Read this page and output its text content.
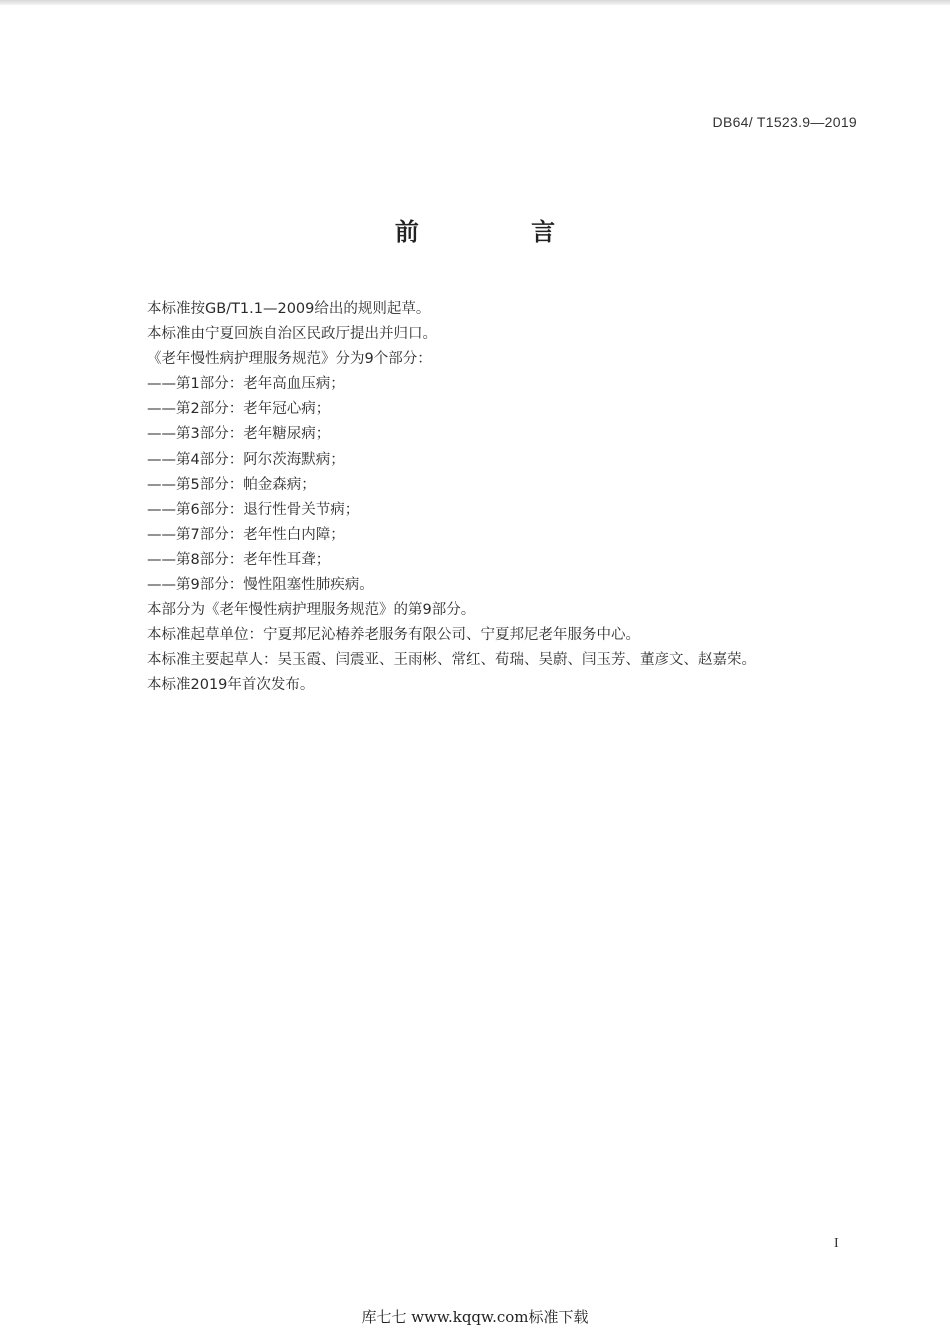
DB64/ T1523.9—2019
前 言
本标准按GB/T1.1—2009给出的规则起草。
本标准由宁夏回族自治区民政厅提出并归口。
《老年慢性病护理服务规范》分为9个部分：
——第1部分：老年高血压病；
——第2部分：老年冠心病；
——第3部分：老年糖尿病；
——第4部分：阿尔茨海默病；
——第5部分：帕金森病；
——第6部分：退行性骨关节病；
——第7部分：老年性白内障；
——第8部分：老年性耳聋；
——第9部分：慢性阻塞性肺疾病。
本部分为《老年慢性病护理服务规范》的第9部分。
本标准起草单位：宁夏邦尼沁椿养老服务有限公司、宁夏邦尼老年服务中心。
本标准主要起草人：吴玉霞、闫震亚、王雨彬、常红、荀瑞、吴蔚、闫玉芳、董彦文、赵嘉荣。
本标准2019年首次发布。
I
库七七 www.kqqw.com标准下载
